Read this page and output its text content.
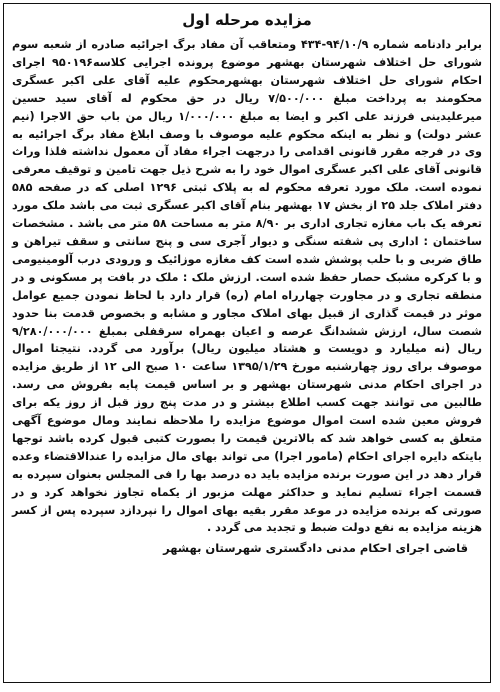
مزایده مرحله اول

برابر دادنامه شماره ۹۴/۱۰/۹-۴۳۴ ومتعاقب آن مفاد برگ اجرائیه صادره از شعبه سوم شورای حل اختلاف شهرستان بهشهر موضوع پرونده اجرایی کلاسه۹۵۰۱۹۶ اجرای احکام شورای حل اختلاف شهرستان بهشهرمحکوم علیه آقای علی اکبر عسگری محکومند به پرداخت مبلغ ۷/۵۰۰/۰۰۰ ریال در حق محکوم له آقای سید حسین میرعلیدینی فرزند علی اکبر و ایضا به مبلغ ۱/۰۰۰/۰۰۰ ریال من باب حق الاجرا (نیم عشر دولت) و نظر به اینکه محکوم علیه موصوف با وصف ابلاغ مفاد برگ اجرائیه به وی در فرجه مقرر قانونی اقدامی را درجهت اجراء مفاد آن معمول نداشته فلذا وراث قانونی آقای علی اکبر عسگری اموال خود را به شرح ذیل جهت تامین و توقیف معرفی نموده است. ملک مورد تعرفه محکوم له به پلاک ثبتی ۱۲۹۶ اصلی که در صفحه ۵۸۵ دفتر املاک جلد ۲۵ از بخش ۱۷ بهشهر بنام آقای اکبر عسگری ثبت می باشد ملک مورد تعرفه یک باب مغازه تجاری اداری بر ۸/۹۰ متر به مساحت ۵۸ متر می باشد . مشخصات ساختمان : اداری پی شفته سنگی و دیوار آجری سی و پنج سانتی و سقف تیراهن و طاق ضربی و با حلب پوشش شده است کف مغازه موزائیک و ورودی درب آلومینیومی و با کرکره مشبک حصار حفظ شده است. ارزش ملک : ملک در بافت پر مسکونی و در منطقه تجاری و در مجاورت چهارراه امام (ره) قرار دارد با لحاظ نمودن جمیع عوامل موثر در قیمت گذاری از قبیل بهای املاک مجاور و مشابه و بخصوص قدمت بنا حدود شصت سال، ارزش ششدانگ عرصه و اعیان بهمراه سرقفلی بمبلغ ۹/۲۸۰/۰۰۰/۰۰۰ ریال (نه میلیارد و دویست و هشتاد میلیون ریال) برآورد می گردد. نتیجتا اموال موصوف برای روز چهارشنبه مورخ ۱۳۹۵/۱/۲۹ ساعت ۱۰ صبح الی ۱۲ از طریق مزایده در اجرای احکام مدنی شهرستان بهشهر و بر اساس قیمت پایه بفروش می رسد. طالبین می توانند جهت کسب اطلاع بیشتر و در مدت پنج روز قبل از روز یکه برای فروش معین شده است اموال موضوع مزایده را ملاحظه نمایند ومال موضوع آگهی متعلق به کسی خواهد شد که بالاترین قیمت را بصورت کتبی قبول کرده باشد توجها بایتکه دایره اجرای احکام (مامور اجرا) می تواند بهای مال مزایده را عندالاقتضاء وعده قرار دهد در این صورت برنده مزایده باید ده درصد بها را فی المجلس بعنوان سپرده به قسمت اجراء تسلیم نماید و حداکثر مهلت مزبور از یکماه تجاوز نخواهد کرد و در صورتی که برنده مزایده در موعد مقرر بقیه بهای اموال را نپردازد سپرده پس از کسر هزینه مزایده به نفع دولت ضبط و تجدید می گردد .

قاضی اجرای احکام مدنی دادگستری شهرستان بهشهر
